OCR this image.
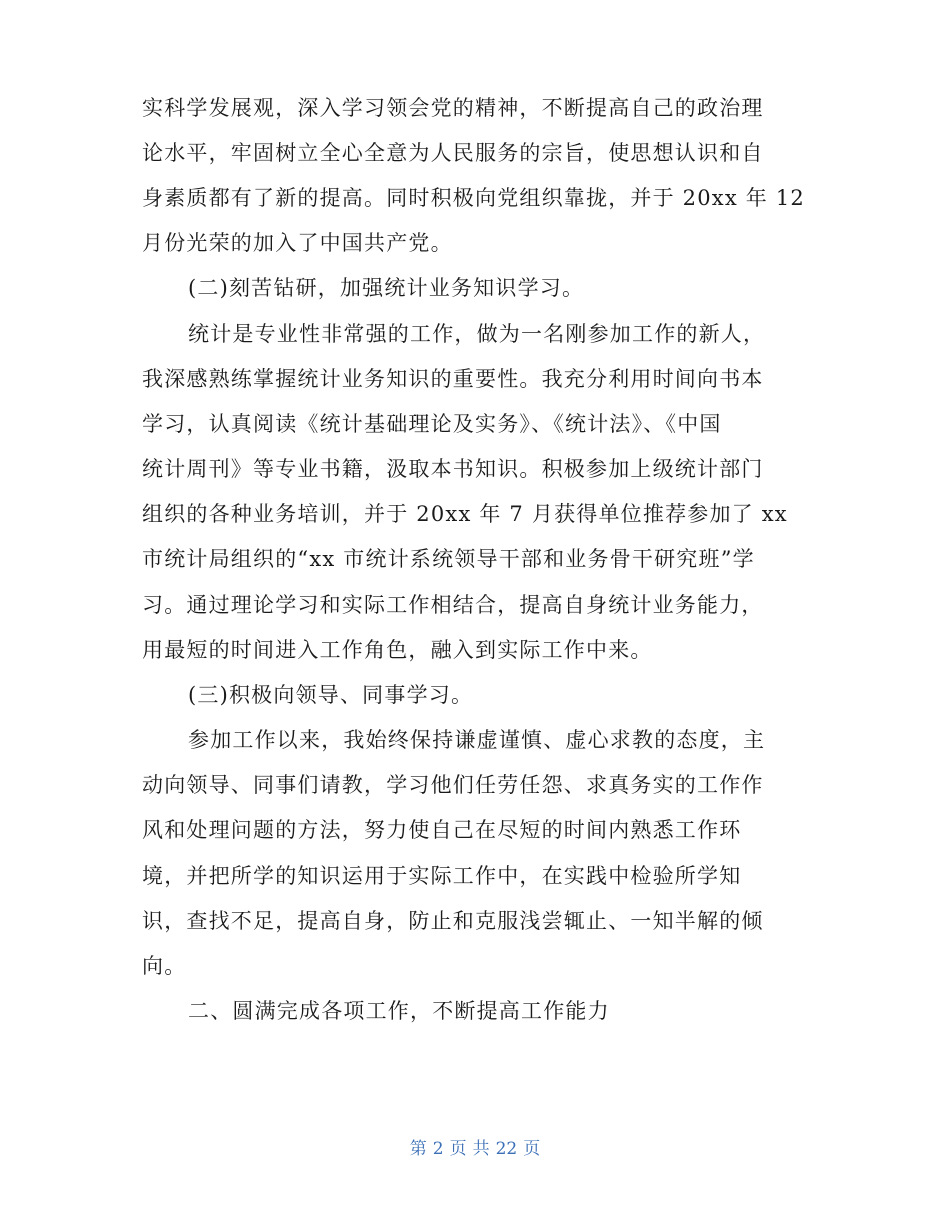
实科学发展观，深入学习领会党的精神，不断提高自己的政治理
论水平，牢固树立全心全意为人民服务的宗旨，使思想认识和自
身素质都有了新的提高。同时积极向党组织靠拢，并于 20xx 年 12
月份光荣的加入了中国共产党。
(二)刻苦钻研，加强统计业务知识学习。
统计是专业性非常强的工作，做为一名刚参加工作的新人，
我深感熟练掌握统计业务知识的重要性。我充分利用时间向书本
学习，认真阅读《统计基础理论及实务》、《统计法》、《中国
统计周刊》等专业书籍，汲取本书知识。积极参加上级统计部门
组织的各种业务培训，并于 20xx 年 7 月获得单位推荐参加了 xx
市统计局组织的“xx 市统计系统领导干部和业务骨干研究班”学
习。通过理论学习和实际工作相结合，提高自身统计业务能力，
用最短的时间进入工作角色，融入到实际工作中来。
(三)积极向领导、同事学习。
参加工作以来，我始终保持谦虚谨慎、虚心求教的态度，主
动向领导、同事们请教，学习他们任劳任怨、求真务实的工作作
风和处理问题的方法，努力使自己在尽短的时间内熟悉工作环
境，并把所学的知识运用于实际工作中，在实践中检验所学知
识，查找不足，提高自身，防止和克服浅尝辄止、一知半解的倾
向。
二、圆满完成各项工作，不断提高工作能力
第 2 页 共 22 页
